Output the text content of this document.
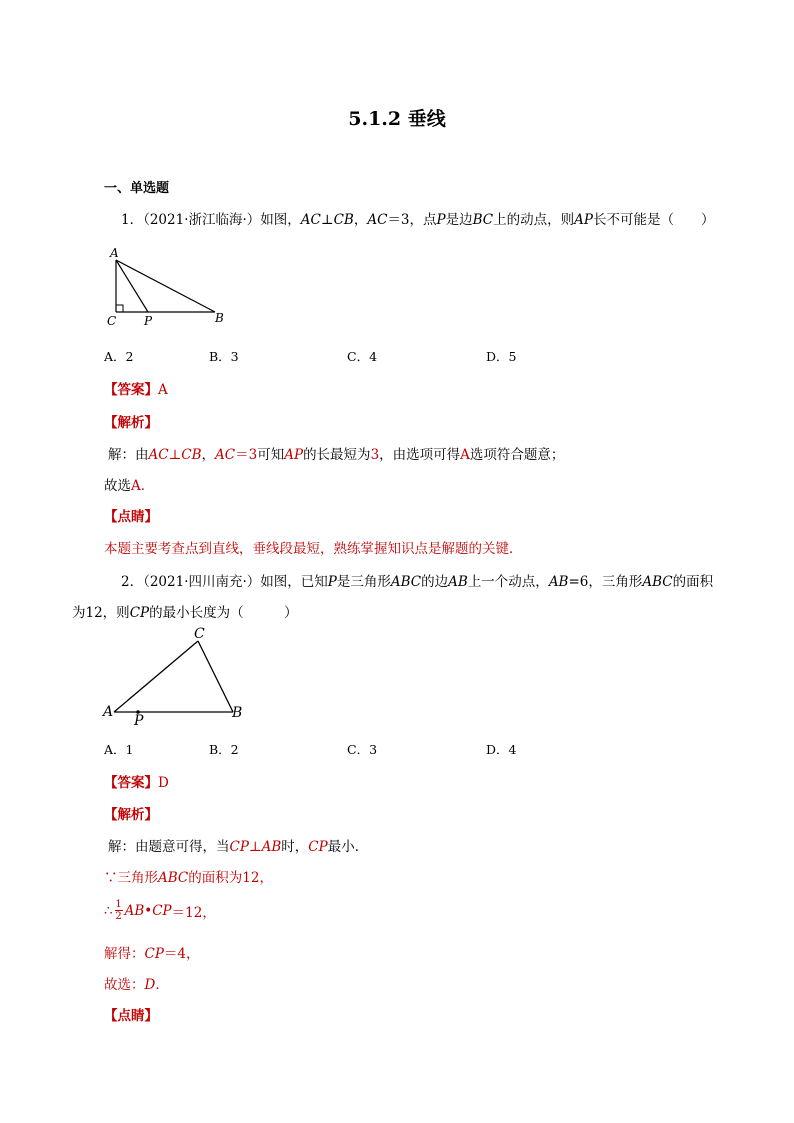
5.1.2 垂线
一、单选题
1．（2021·浙江临海·）如图，AC⊥CB，AC＝3，点P是边BC上的动点，则AP长不可能是（　　）
A
C P	B
A．2	B．3	C．4	D．5
【答案】A
【解析】
解：由AC⊥CB，AC＝3可知AP的长最短为3，由选项可得A选项符合题意；
故选A．
【点睛】
本题主要考查点到直线，垂线段最短，熟练掌握知识点是解题的关键．
2．（2021·四川南充·）如图，已知P是三角形ABC的边AB上一个动点，AB=6，三角形ABC的面积
为12，则CP的最小长度为（　　　）
C
A	B
P
A．1	B．2	C．3	D．4
【答案】D
【解析】
解：由题意可得，当CP⊥AB时，CP最小．
∵三角形ABC的面积为12，
∴ 1
2 AB•CP ＝12 ，
解得：CP＝4，
故选：D．
【点睛】
